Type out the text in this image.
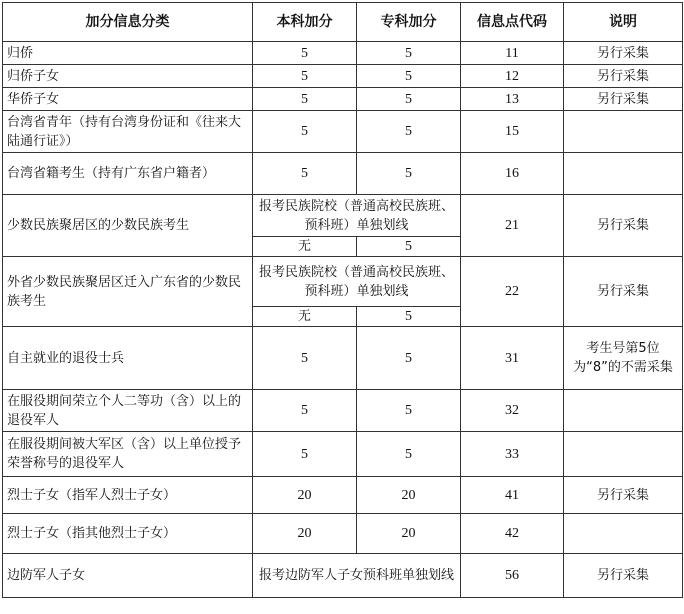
加分信息分类	本科加分	专科加分	信息点代码	说明
归侨	5	5	11	另行采集
归侨子女	5	5	12	另行采集
华侨子女	5	5	13	另行采集
台湾省青年（持有台湾身份证和《往来大陆通行证》）	5	5	15	
台湾省籍考生（持有广东省户籍者）	5	5	16	
少数民族聚居区的少数民族考生	报考民族院校（普通高校民族班、预科班）单独划线		21	另行采集
	无	5		
外省少数民族聚居区迁入广东省的少数民族考生	报考民族院校（普通高校民族班、预科班）单独划线		22	另行采集
	无	5		
自主就业的退役士兵	5	5	31	考生号第5位为“8”的不需采集
在服役期间荣立个人二等功（含）以上的退役军人	5	5	32	
在服役期间被大军区（含）以上单位授予荣誉称号的退役军人	5	5	33	
烈士子女（指军人烈士子女）	20	20	41	另行采集
烈士子女（指其他烈士子女）	20	20	42	
边防军人子女	报考边防军人子女预科班单独划线		56	另行采集
